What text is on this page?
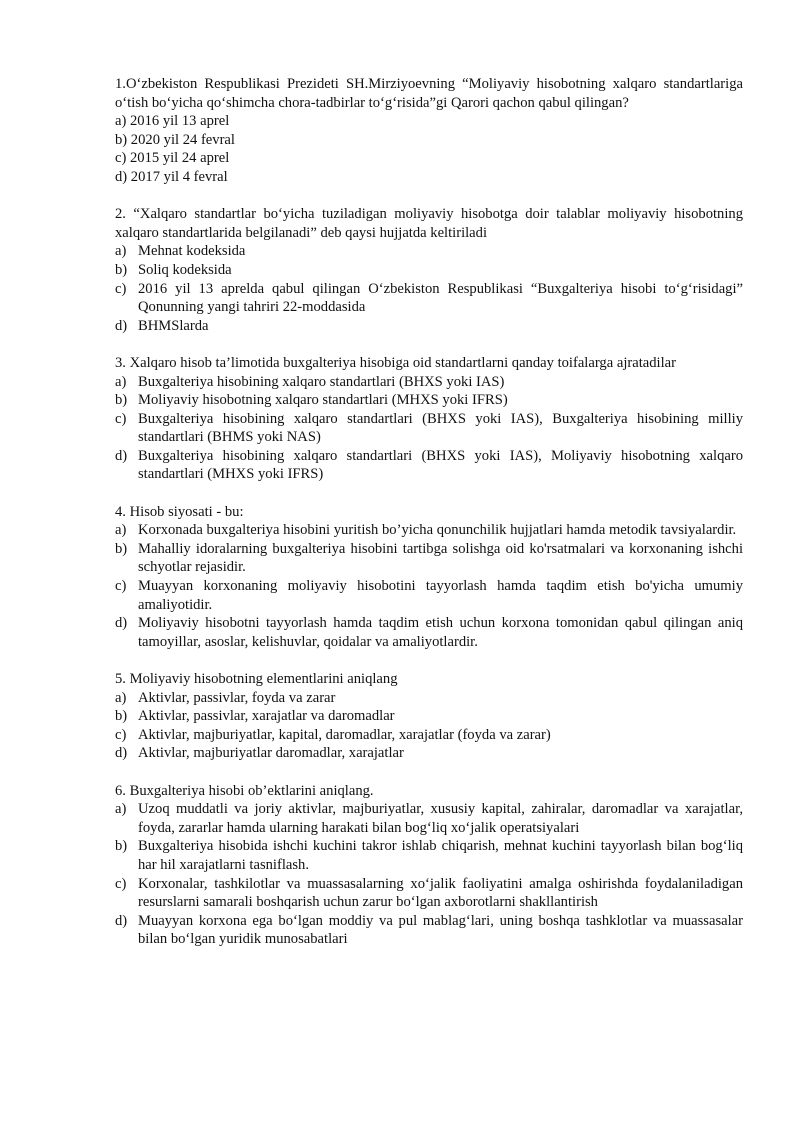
1.O‘zbekiston Respublikasi Prezideti SH.Mirziyoevning “Moliyaviy hisobotning xalqaro standartlariga o‘tish bo‘yicha qo‘shimcha chora-tadbirlar to‘g‘risida”gi Qarori qachon qabul qilingan?

a) 2016 yil 13 aprel

b) 2020 yil 24 fevral

c) 2015 yil 24 aprel

d) 2017 yil 4 fevral

2. “Xalqaro standartlar bo‘yicha tuziladigan moliyaviy hisobotga doir talablar moliyaviy hisobotning xalqaro standartlarida belgilanadi” deb qaysi hujjatda keltiriladi

a) Mehnat kodeksida
b) Soliq kodeksida
c) 2016 yil 13 aprelda qabul qilingan O‘zbekiston Respublikasi “Buxgalteriya hisobi to‘g‘risidagi” Qonunning yangi tahriri 22-moddasida
d) BHMSlarda

3. Xalqaro hisob ta’limotida buxgalteriya hisobiga oid standartlarni qanday toifalarga ajratadilar

a) Buxgalteriya hisobining xalqaro standartlari (BHXS yoki IAS)
b) Moliyaviy hisobotning xalqaro standartlari (MHXS yoki IFRS)
c) Buxgalteriya hisobining xalqaro standartlari (BHXS yoki IAS), Buxgalteriya hisobining milliy standartlari (BHMS yoki NAS)
d) Buxgalteriya hisobining xalqaro standartlari (BHXS yoki IAS), Moliyaviy hisobotning xalqaro standartlari (MHXS yoki IFRS)

4. Hisob siyosati - bu:

a) Korxonada buxgalteriya hisobini yuritish bo’yicha qonunchilik hujjatlari hamda metodik tavsiyalardir.
b) Mahalliy idoralarning buxgalteriya hisobini tartibga solishga oid ko'rsatmalari va korxonaning ishchi schyotlar rejasidir.
c) Muayyan korxonaning moliyaviy hisobotini tayyorlash hamda taqdim etish bo'yicha umumiy amaliyotidir.
d) Moliyaviy hisobotni tayyorlash hamda taqdim etish uchun korxona tomonidan qabul qilingan aniq tamoyillar, asoslar, kelishuvlar, qoidalar va amaliyotlardir.

5. Moliyaviy hisobotning elementlarini aniqlang

a) Aktivlar, passivlar, foyda va zarar
b) Aktivlar, passivlar, xarajatlar va daromadlar
c) Aktivlar, majburiyatlar, kapital, daromadlar, xarajatlar (foyda va zarar)
d) Aktivlar, majburiyatlar daromadlar, xarajatlar

6. Buxgalteriya hisobi ob’ektlarini aniqlang.

a) Uzoq muddatli va joriy aktivlar, majburiyatlar, xususiy kapital, zahiralar, daromadlar va xarajatlar, foyda, zararlar hamda ularning harakati bilan bog‘liq xo‘jalik operatsiyalari
b) Buxgalteriya hisobida ishchi kuchini takror ishlab chiqarish, mehnat kuchini tayyorlash bilan bog‘liq har hil xarajatlarni tasniflash.
c) Korxonalar, tashkilotlar va muassasalarning xo‘jalik faoliyatini amalga oshirishda foydalaniladigan resurslarni samarali boshqarish uchun zarur bo‘lgan axborotlarni shakllantirish
d) Muayyan korxona ega bo‘lgan moddiy va pul mablag‘lari, uning boshqa tashklotlar va muassasalar bilan bo‘lgan yuridik munosabatlari
